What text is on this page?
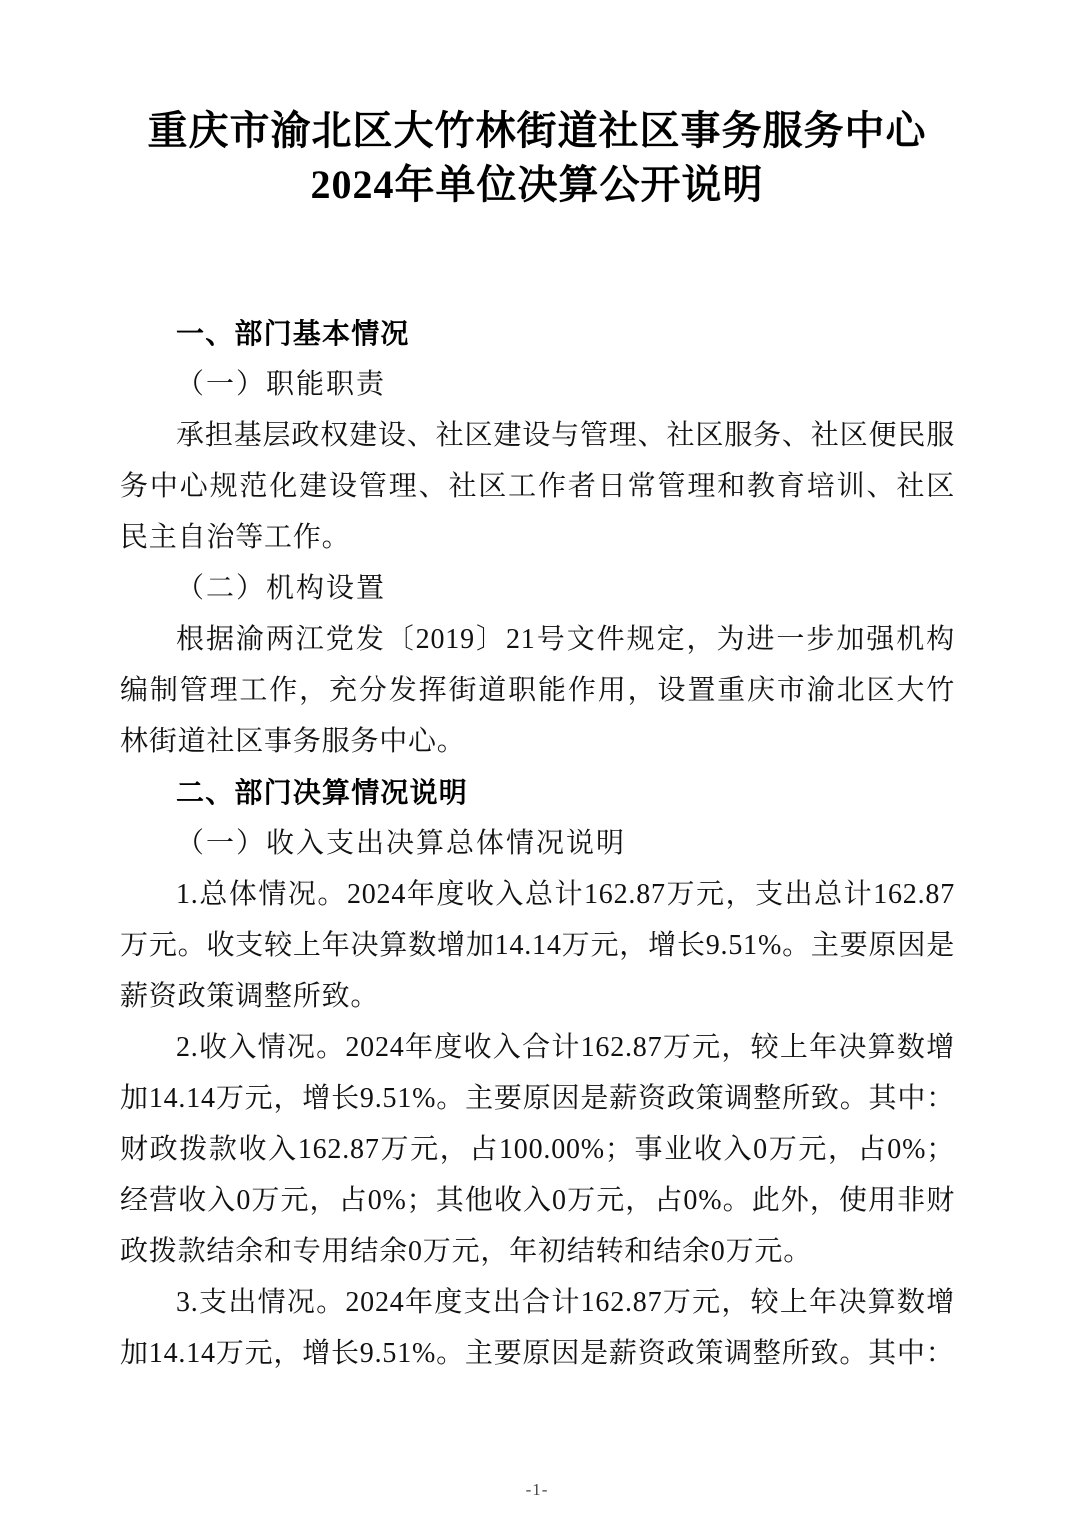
重庆市渝北区大竹林街道社区事务服务中心
2024年单位决算公开说明
一、部门基本情况
（一）职能职责
承担基层政权建设、社区建设与管理、社区服务、社区便民服务中心规范化建设管理、社区工作者日常管理和教育培训、社区民主自治等工作。
（二）机构设置
根据渝两江党发〔2019〕21号文件规定，为进一步加强机构编制管理工作，充分发挥街道职能作用，设置重庆市渝北区大竹林街道社区事务服务中心。
二、部门决算情况说明
（一）收入支出决算总体情况说明
1.总体情况。2024年度收入总计162.87万元，支出总计162.87万元。收支较上年决算数增加14.14万元，增长9.51%。主要原因是薪资政策调整所致。
2.收入情况。2024年度收入合计162.87万元，较上年决算数增加14.14万元，增长9.51%。主要原因是薪资政策调整所致。其中：财政拨款收入162.87万元，占100.00%；事业收入0万元，占0%；经营收入0万元，占0%；其他收入0万元，占0%。此外，使用非财政拨款结余和专用结余0万元，年初结转和结余0万元。
3.支出情况。2024年度支出合计162.87万元，较上年决算数增加14.14万元，增长9.51%。主要原因是薪资政策调整所致。其中：
-1-
